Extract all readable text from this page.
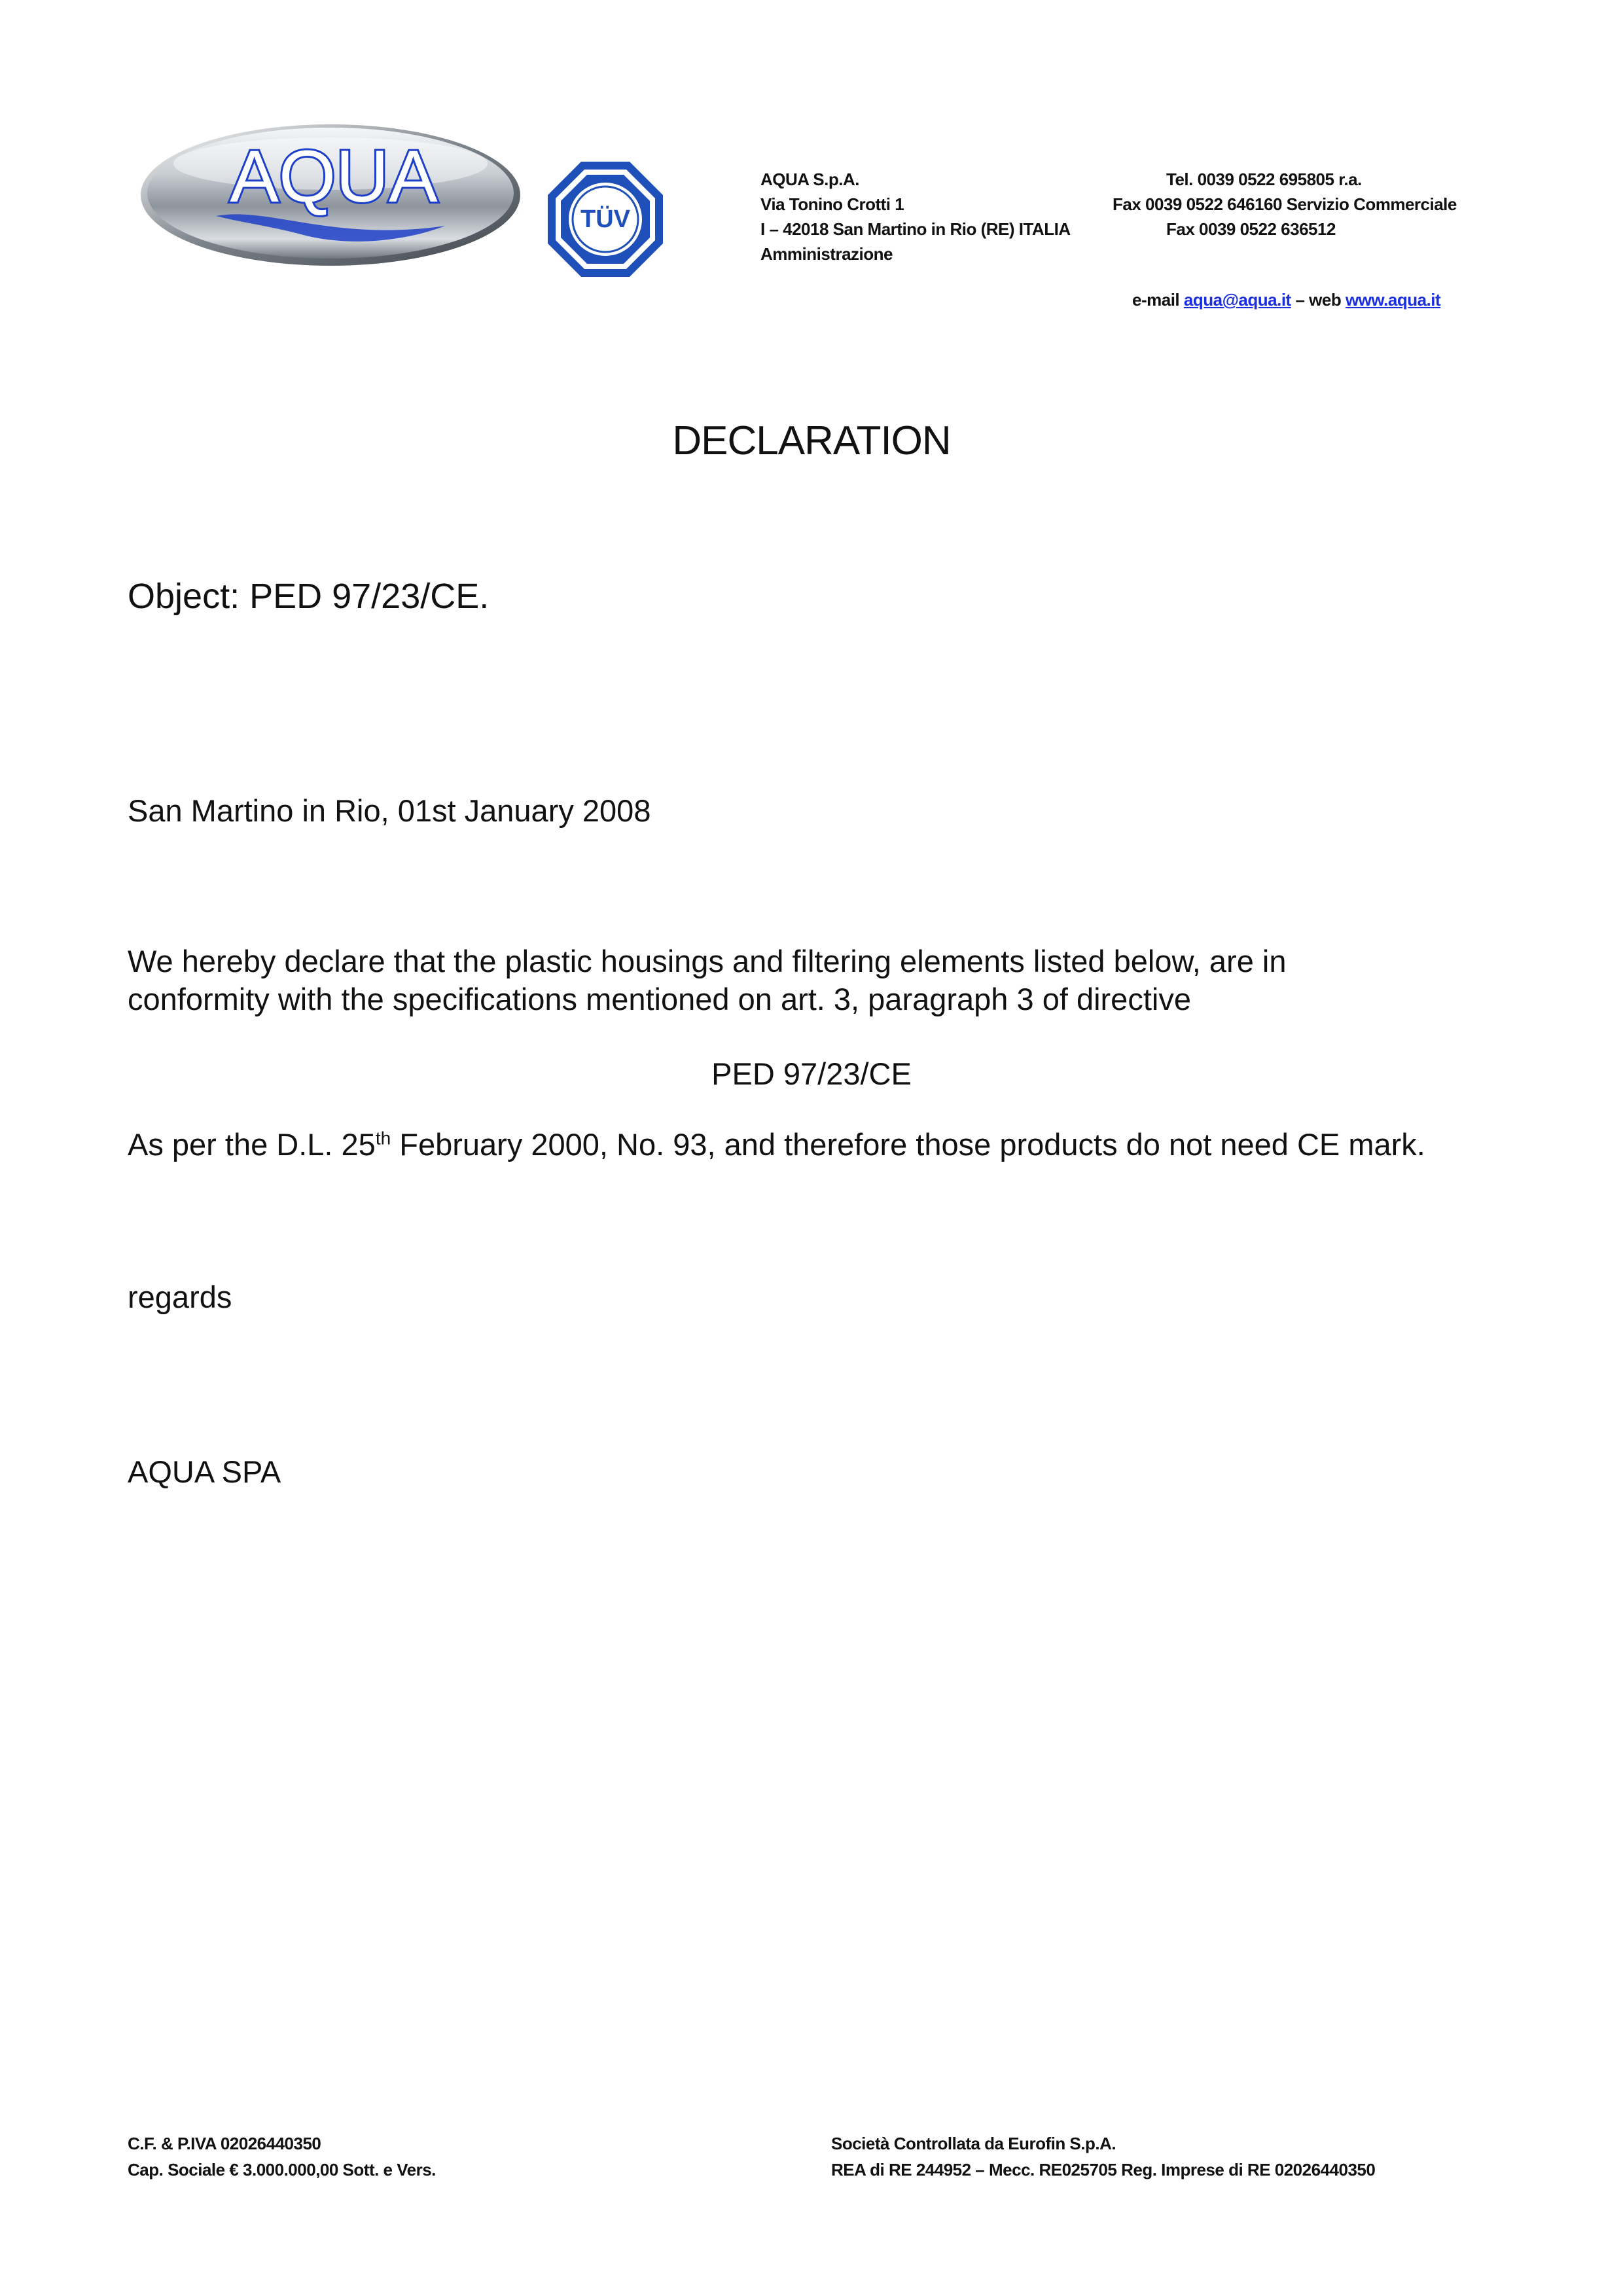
AQUA
TÜV
AQUA S.p.A.
Via Tonino Crotti 1
I – 42018 San Martino in Rio (RE) ITALIA
Amministrazione
Tel. 0039 0522 695805 r.a.
Fax 0039 0522 646160 Servizio Commerciale
Fax 0039 0522 636512
e-mail aqua@aqua.it – web www.aqua.it
DECLARATION
Object: PED 97/23/CE.
San Martino in Rio, 01st January 2008
We hereby declare that the plastic housings and filtering elements listed below, are in
conformity with the specifications mentioned on art. 3, paragraph 3 of directive
PED 97/23/CE
As per the D.L. 25th February 2000, No. 93, and therefore those products do not need CE mark.
regards
AQUA SPA
C.F. & P.IVA 02026440350
Cap. Sociale € 3.000.000,00 Sott. e Vers.
Società Controllata da Eurofin S.p.A.
REA di RE 244952 – Mecc. RE025705 Reg. Imprese di RE 02026440350
